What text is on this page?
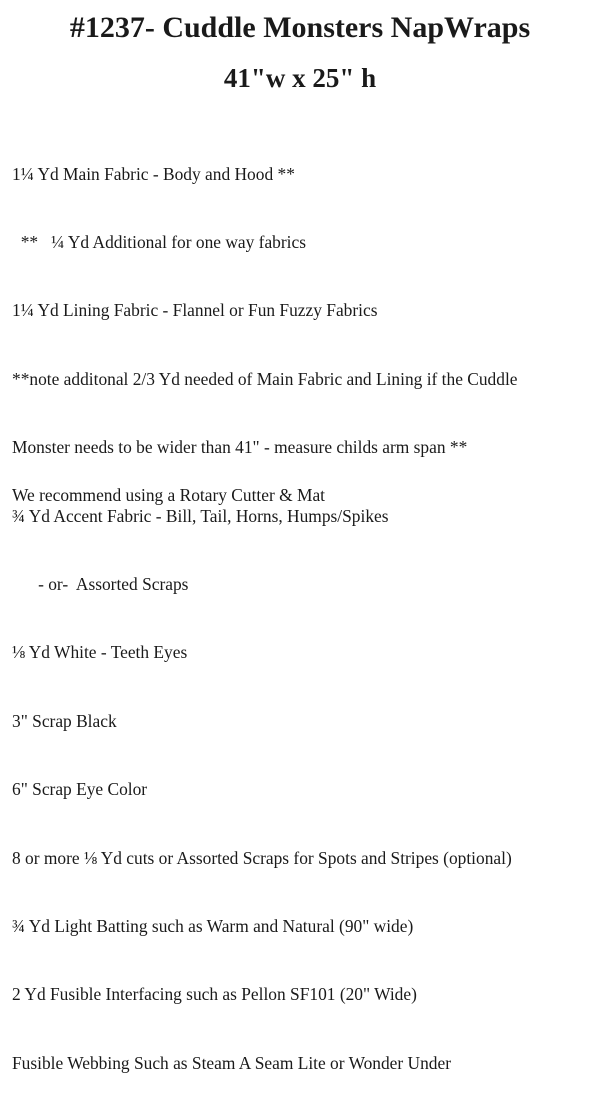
#1237- Cuddle Monsters NapWraps
41"w x 25" h

1¼ Yd Main Fabric - Body and Hood **

**   ¼ Yd Additional for one way fabrics

1¼ Yd Lining Fabric - Flannel or Fun Fuzzy Fabrics

**note additonal 2/3 Yd needed of Main Fabric and Lining if the Cuddle

Monster needs to be wider than 41" - measure childs arm span **

¾ Yd Accent Fabric - Bill, Tail, Horns, Humps/Spikes

- or-  Assorted Scraps

⅛ Yd White - Teeth Eyes

3" Scrap Black

6" Scrap Eye Color

8 or more ⅛ Yd cuts or Assorted Scraps for Spots and Stripes (optional)

¾ Yd Light Batting such as Warm and Natural (90" wide)

2 Yd Fusible Interfacing such as Pellon SF101 (20" Wide)

Fusible Webbing Such as Steam A Seam Lite or Wonder Under

We recommend using a Rotary Cutter & Mat
